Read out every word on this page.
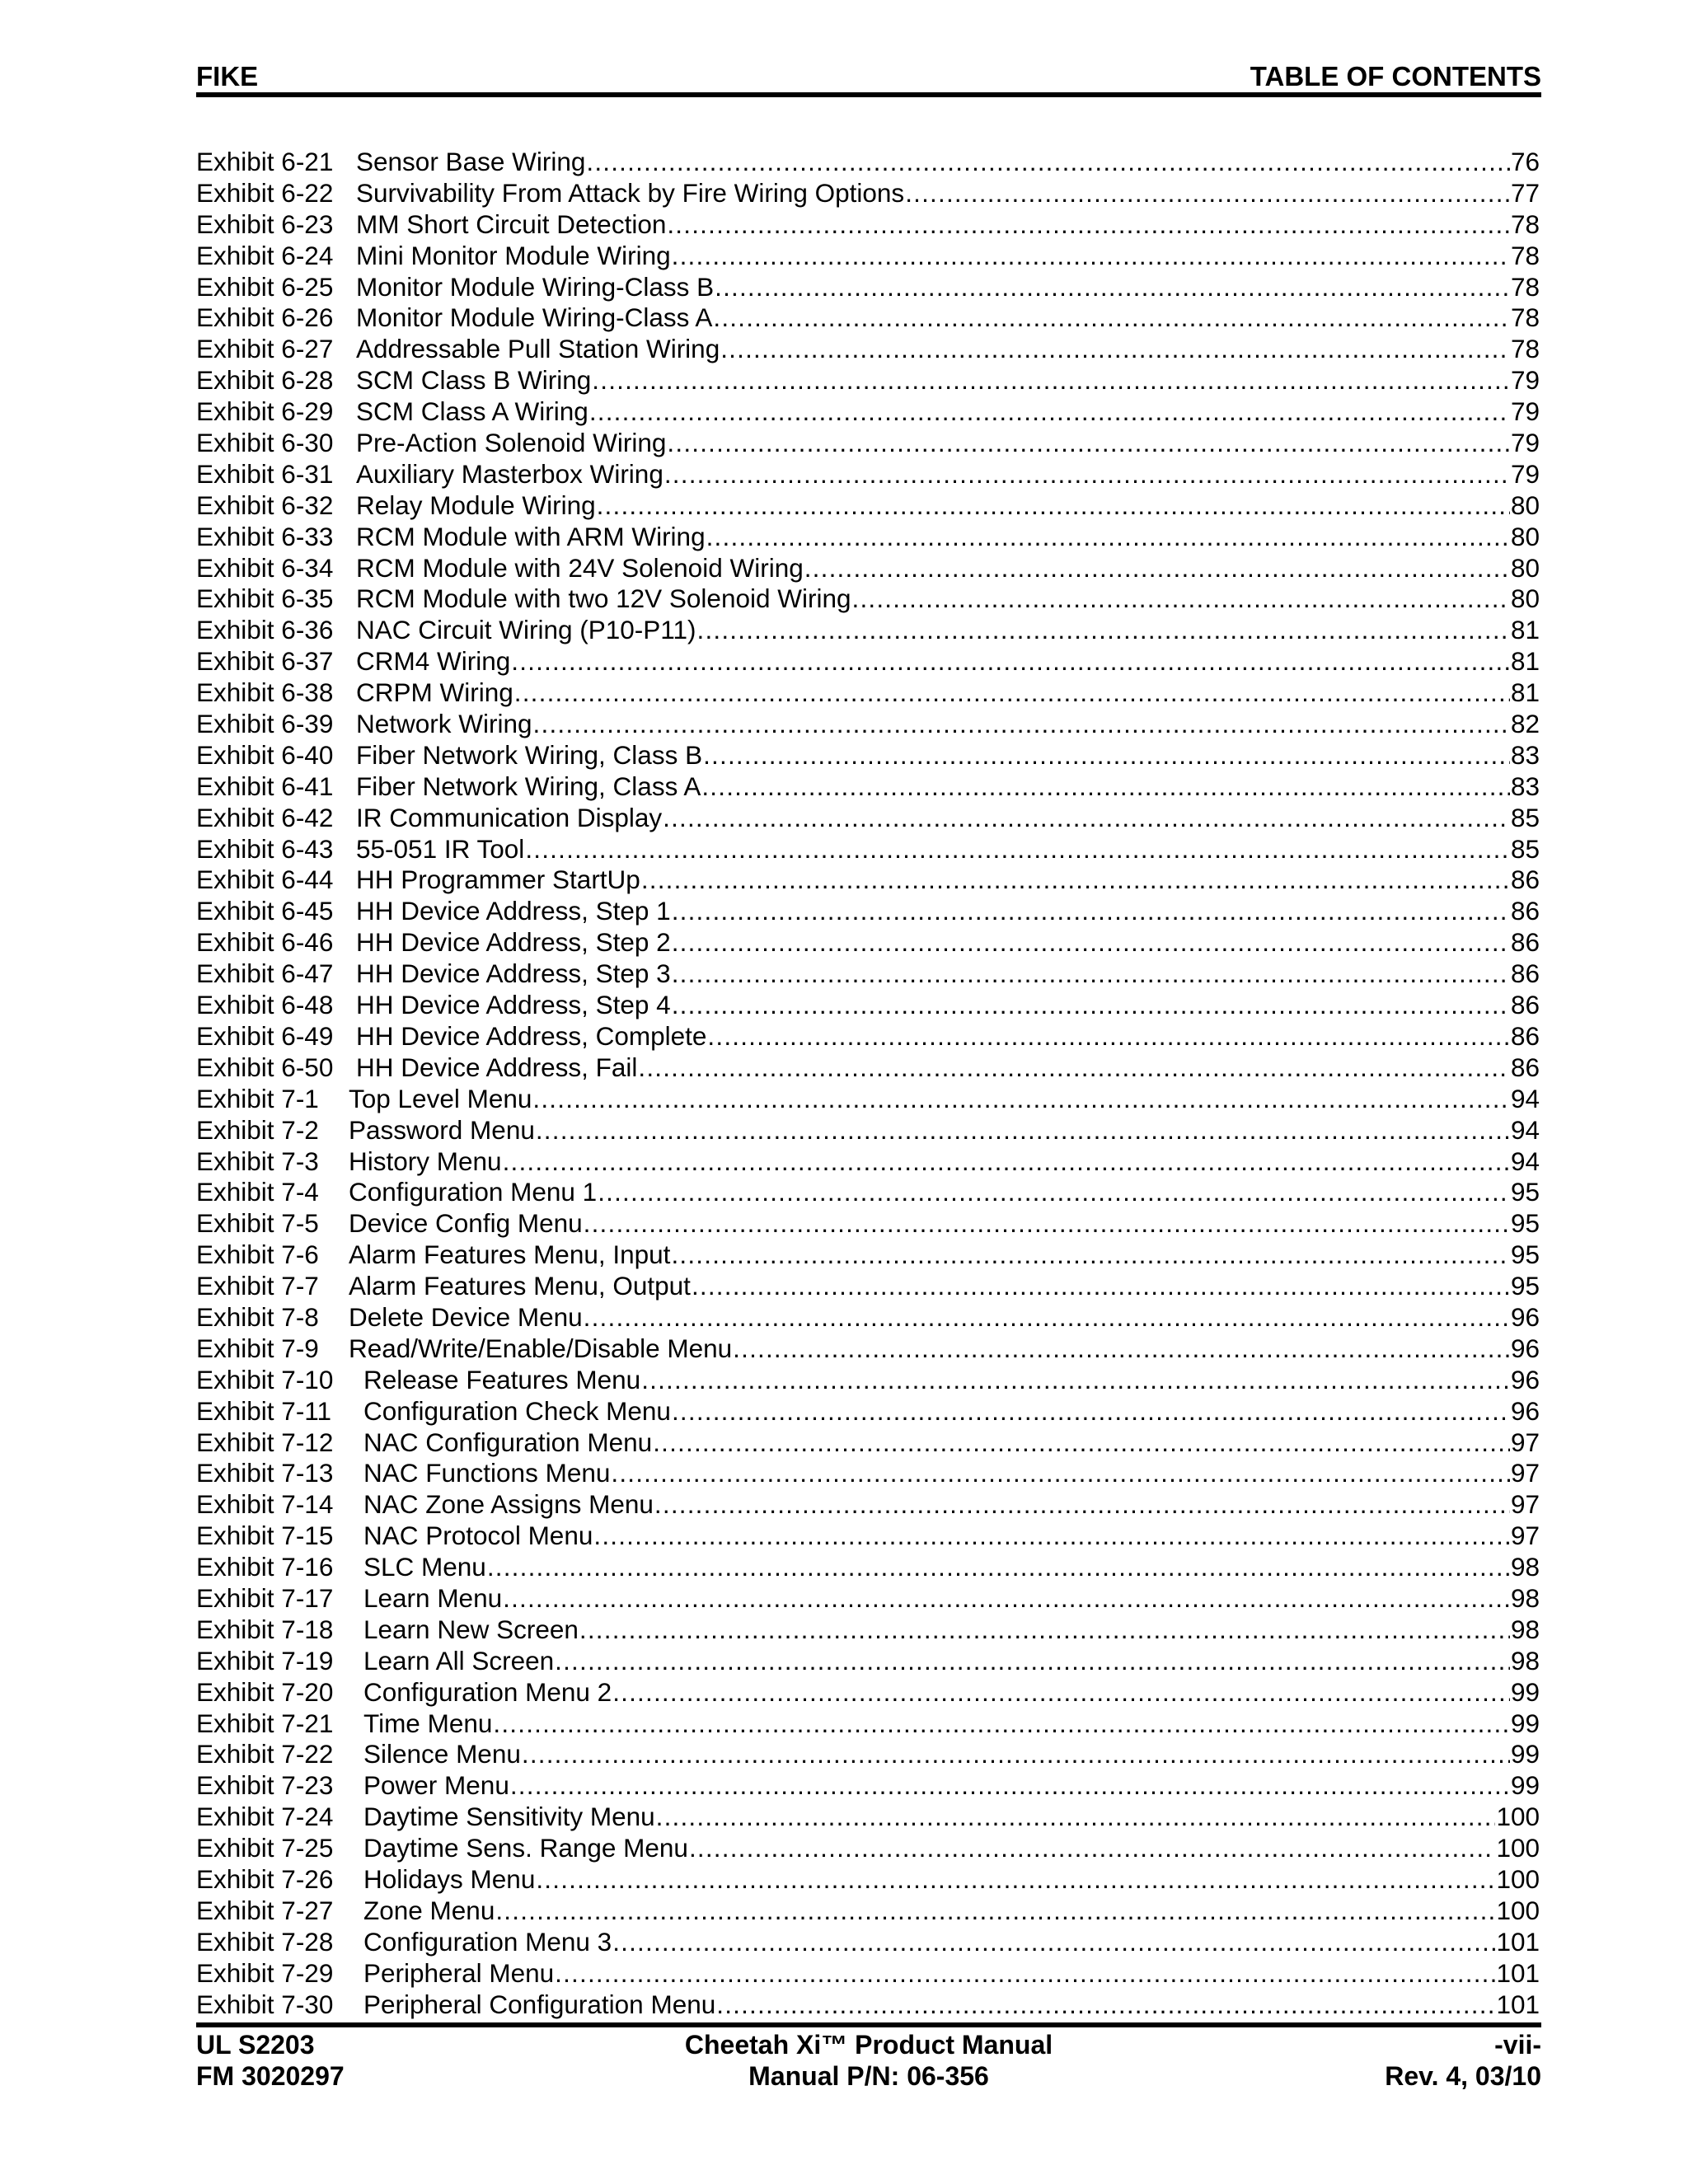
FIKE	TABLE OF CONTENTS
Exhibit 6-21 Sensor Base Wiring .....	76
Exhibit 6-22 Survivability From Attack by Fire Wiring Options .....	77
Exhibit 6-23 MM Short Circuit Detection .....	78
Exhibit 6-24 Mini Monitor Module Wiring .....	78
Exhibit 6-25 Monitor Module Wiring-Class B .....	78
Exhibit 6-26 Monitor Module Wiring-Class A .....	78
Exhibit 6-27 Addressable Pull Station Wiring .....	78
Exhibit 6-28 SCM Class B Wiring .....	79
Exhibit 6-29 SCM Class A Wiring .....	79
Exhibit 6-30 Pre-Action Solenoid Wiring .....	79
Exhibit 6-31 Auxiliary Masterbox Wiring .....	79
Exhibit 6-32 Relay Module Wiring .....	80
Exhibit 6-33 RCM Module with ARM Wiring .....	80
Exhibit 6-34 RCM Module with 24V Solenoid Wiring .....	80
Exhibit 6-35 RCM Module with two 12V Solenoid Wiring .....	80
Exhibit 6-36 NAC Circuit Wiring (P10-P11) .....	81
Exhibit 6-37 CRM4 Wiring .....	81
Exhibit 6-38 CRPM Wiring .....	81
Exhibit 6-39 Network Wiring .....	82
Exhibit 6-40 Fiber Network Wiring, Class B .....	83
Exhibit 6-41 Fiber Network Wiring, Class A .....	83
Exhibit 6-42 IR Communication Display .....	85
Exhibit 6-43 55-051 IR Tool .....	85
Exhibit 6-44 HH Programmer StartUp .....	86
Exhibit 6-45 HH Device Address, Step 1 .....	86
Exhibit 6-46 HH Device Address, Step 2 .....	86
Exhibit 6-47 HH Device Address, Step 3 .....	86
Exhibit 6-48 HH Device Address, Step 4 .....	86
Exhibit 6-49 HH Device Address, Complete .....	86
Exhibit 6-50 HH Device Address, Fail .....	86
Exhibit 7-1	Top Level Menu .....	94
Exhibit 7-2	Password Menu .....	94
Exhibit 7-3	History Menu .....	94
Exhibit 7-4	Configuration Menu 1 .....	95
Exhibit 7-5	Device Config Menu .....	95
Exhibit 7-6	Alarm Features Menu, Input .....	95
Exhibit 7-7	Alarm Features Menu, Output .....	95
Exhibit 7-8	Delete Device Menu .....	96
Exhibit 7-9	Read/Write/Enable/Disable Menu .....	96
Exhibit 7-10	Release Features Menu .....	96
Exhibit 7-11	Configuration Check Menu .....	96
Exhibit 7-12	NAC Configuration Menu .....	97
Exhibit 7-13	NAC Functions Menu .....	97
Exhibit 7-14	NAC Zone Assigns Menu .....	97
Exhibit 7-15	NAC Protocol Menu .....	97
Exhibit 7-16	SLC Menu .....	98
Exhibit 7-17	Learn Menu .....	98
Exhibit 7-18	Learn New Screen .....	98
Exhibit 7-19	Learn All Screen .....	98
Exhibit 7-20	Configuration Menu 2 .....	99
Exhibit 7-21	Time Menu .....	99
Exhibit 7-22	Silence Menu .....	99
Exhibit 7-23	Power Menu .....	99
Exhibit 7-24	Daytime Sensitivity Menu .....	100
Exhibit 7-25	Daytime Sens. Range Menu .....	100
Exhibit 7-26	Holidays Menu .....	100
Exhibit 7-27	Zone Menu .....	100
Exhibit 7-28	Configuration Menu 3 .....	101
Exhibit 7-29	Peripheral Menu .....	101
Exhibit 7-30	Peripheral Configuration Menu .....	101
UL S2203	Cheetah Xi™ Product Manual	-vii-
FM 3020297	Manual P/N: 06-356	Rev. 4, 03/10
